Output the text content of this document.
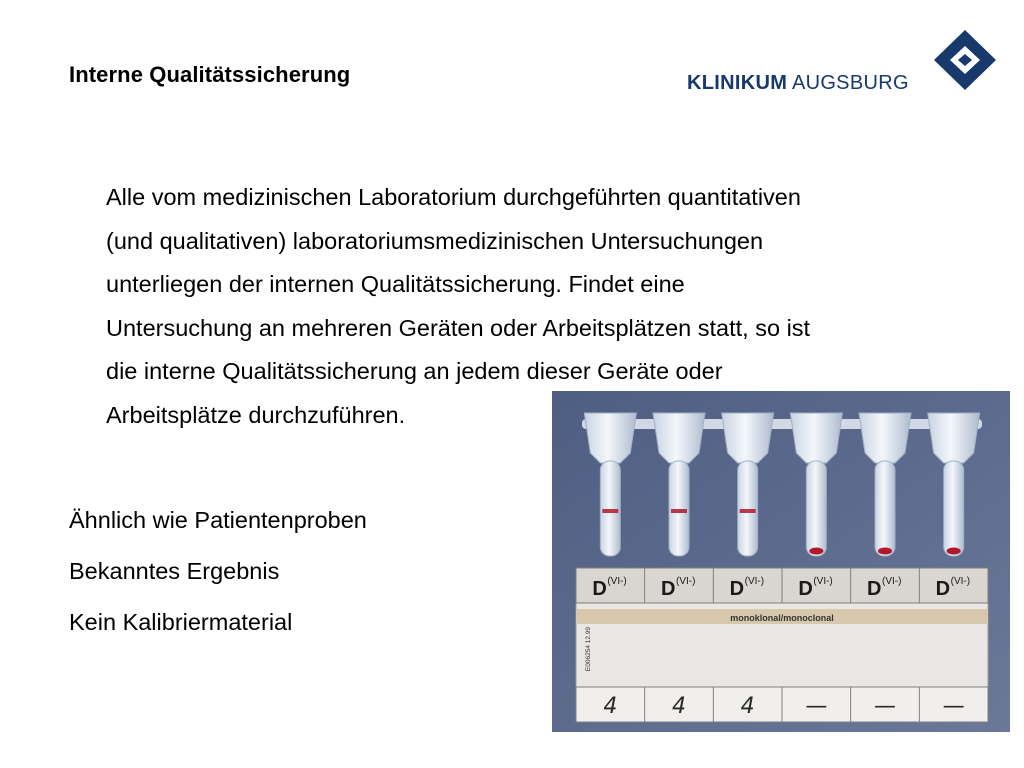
Interne Qualitätssicherung	KLINIKUM AUGSBURG
Alle vom medizinischen Laboratorium durchgeführten quantitativen
(und qualitativen) laboratoriumsmedizinischen Untersuchungen
unterliegen der internen Qualitätssicherung. Findet eine
Untersuchung an mehreren Geräten oder Arbeitsplätzen statt, so ist
die interne Qualitätssicherung an jedem dieser Geräte oder
Arbeitsplätze durchzuführen.
Ähnlich wie Patientenproben
Bekanntes Ergebnis
Kein Kalibriermaterial	monoklonal/monoclonal
E006254 12.99
D (VI-)
4
D (VI-)
4
D (VI-)
4
D (VI-)
—
D (VI-)
—
D (VI-)
—
